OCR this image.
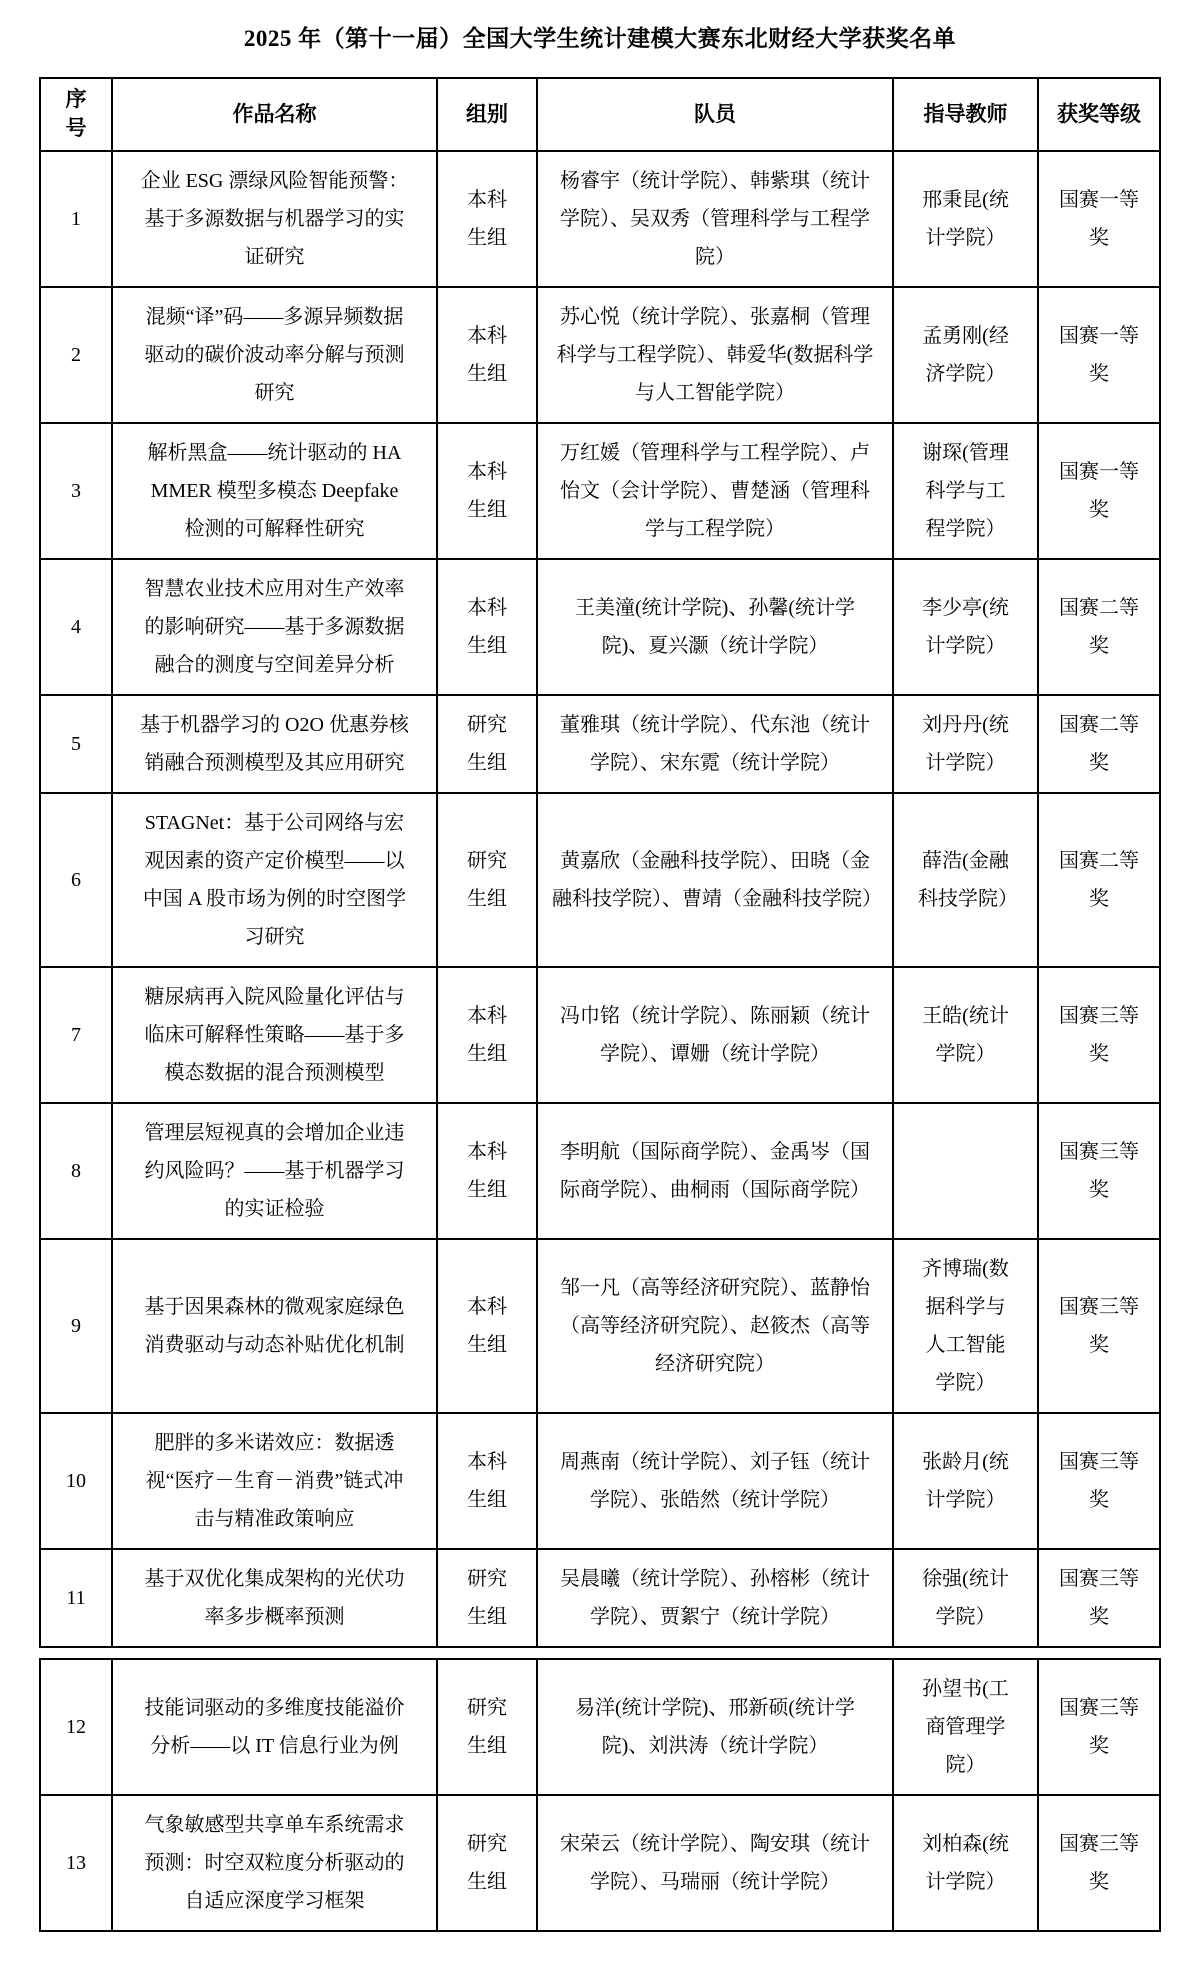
2025 年（第十一届）全国大学生统计建模大赛东北财经大学获奖名单
序号	作品名称	组别	队员	指导教师	获奖等级
1	企业 ESG 漂绿风险智能预警：基于多源数据与机器学习的实证研究	本科生组	杨睿宇（统计学院）、韩紫琪（统计学院）、吴双秀（管理科学与工程学院）	邢秉昆(统计学院）	国赛一等奖
2	混频“译”码——多源异频数据驱动的碳价波动率分解与预测研究	本科生组	苏心悦（统计学院）、张嘉桐（管理科学与工程学院）、韩爱华(数据科学与人工智能学院）	孟勇刚(经济学院）	国赛一等奖
3	解析黑盒——统计驱动的 HAMMER 模型多模态 Deepfake 检测的可解释性研究	本科生组	万红媛（管理科学与工程学院）、卢怡文（会计学院）、曹楚涵（管理科学与工程学院）	谢琛(管理科学与工程学院）	国赛一等奖
4	智慧农业技术应用对生产效率的影响研究——基于多源数据融合的测度与空间差异分析	本科生组	王美潼(统计学院)、孙馨(统计学院)、夏兴灏（统计学院）	李少亭(统计学院）	国赛二等奖
5	基于机器学习的 O2O 优惠券核销融合预测模型及其应用研究	研究生组	董雅琪（统计学院）、代东池（统计学院）、宋东霓（统计学院）	刘丹丹(统计学院）	国赛二等奖
6	STAGNet：基于公司网络与宏观因素的资产定价模型——以中国 A 股市场为例的时空图学习研究	研究生组	黄嘉欣（金融科技学院）、田晓（金融科技学院）、曹靖（金融科技学院）	薛浩(金融科技学院）	国赛二等奖
7	糖尿病再入院风险量化评估与临床可解释性策略——基于多模态数据的混合预测模型	本科生组	冯巾铭（统计学院）、陈丽颖（统计学院）、谭姗（统计学院）	王皓(统计学院）	国赛三等奖
8	管理层短视真的会增加企业违约风险吗？——基于机器学习的实证检验	本科生组	李明航（国际商学院）、金禹岑（国际商学院）、曲桐雨（国际商学院）		国赛三等奖
9	基于因果森林的微观家庭绿色消费驱动与动态补贴优化机制	本科生组	邹一凡（高等经济研究院）、蓝静怡（高等经济研究院）、赵筱杰（高等经济研究院）	齐博瑞(数据科学与人工智能学院）	国赛三等奖
10	肥胖的多米诺效应：数据透视“医疗－生育－消费”链式冲击与精准政策响应	本科生组	周燕南（统计学院）、刘子钰（统计学院）、张皓然（统计学院）	张龄月(统计学院）	国赛三等奖
11	基于双优化集成架构的光伏功率多步概率预测	研究生组	吴晨曦（统计学院）、孙榕彬（统计学院）、贾絮宁（统计学院）	徐强(统计学院）	国赛三等奖
12	技能词驱动的多维度技能溢价分析——以 IT 信息行业为例	研究生组	易洋(统计学院)、邢新硕(统计学院)、刘洪涛（统计学院）	孙望书(工商管理学院）	国赛三等奖
13	气象敏感型共享单车系统需求预测：时空双粒度分析驱动的自适应深度学习框架	研究生组	宋荣云（统计学院）、陶安琪（统计学院）、马瑞丽（统计学院）	刘柏森(统计学院）	国赛三等奖
